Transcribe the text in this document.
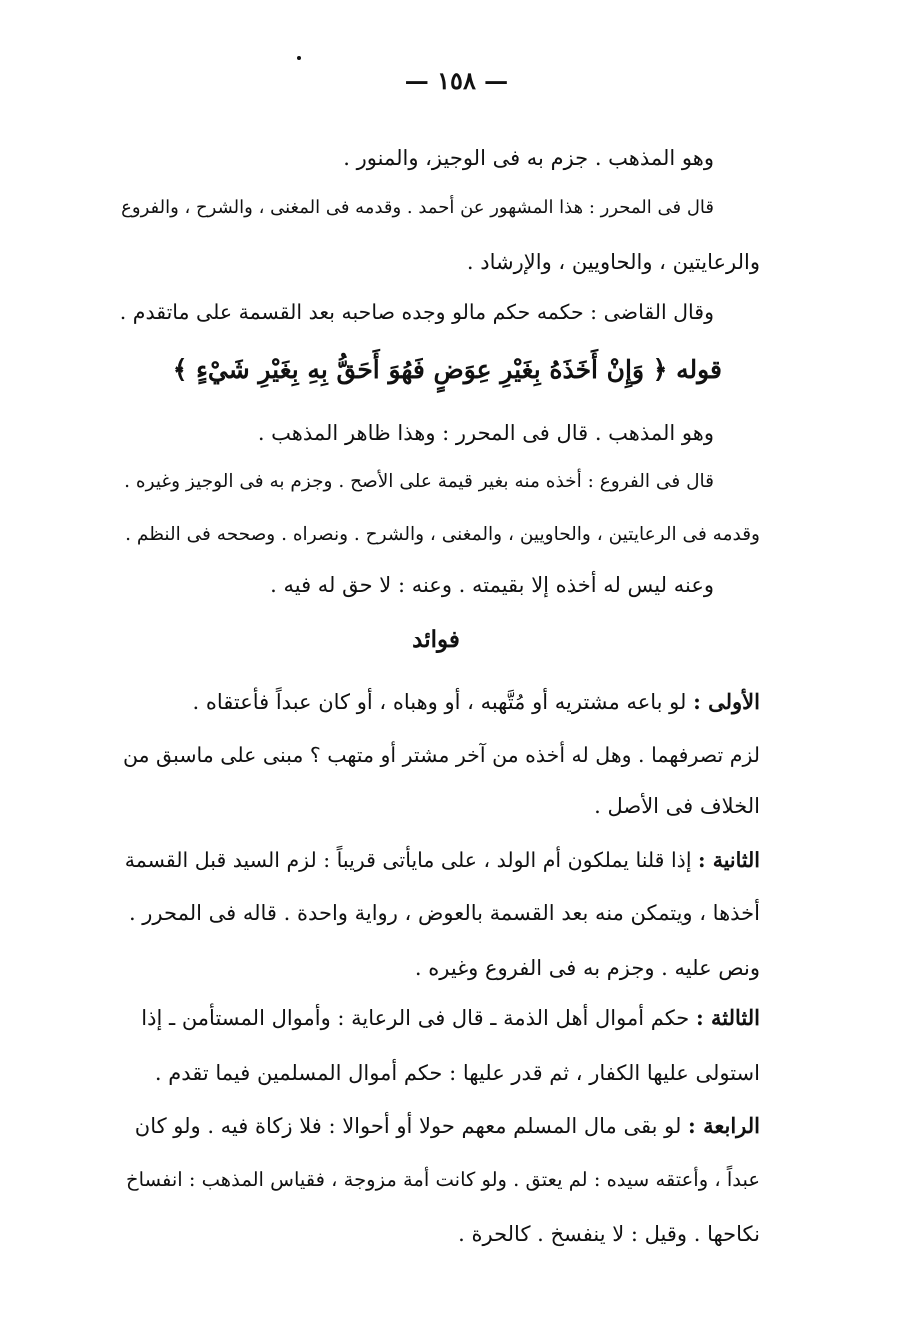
— ١٥٨ —
وهو المذهب . جزم به فى الوجيز، والمنور .
قال فى المحرر : هذا المشهور عن أحمد . وقدمه فى المغنى ، والشرح ، والفروع
والرعايتين ، والحاويين ، والإرشاد .
وقال القاضى : حكمه حكم مالو وجده صاحبه بعد القسمة على ماتقدم .
قوله ﴿ وَإِنْ أَخَذَهُ بِغَيْرِ عِوَضٍ فَهُوَ أَحَقُّ بِهِ بِغَيْرِ شَيْءٍ ﴾
وهو المذهب . قال فى المحرر : وهذا ظاهر المذهب .
قال فى الفروع : أخذه منه بغير قيمة على الأصح . وجزم به فى الوجيز وغيره .
وقدمه فى الرعايتين ، والحاويين ، والمغنى ، والشرح . ونصراه . وصححه فى النظم .
وعنه ليس له أخذه إلا بقيمته . وعنه : لا حق له فيه .
فوائد
الأولى : لو باعه مشتريه أو مُتَّهبه ، أو وهباه ، أو كان عبداً فأعتقاه .
لزم تصرفهما . وهل له أخذه من آخر مشتر أو متهب ؟ مبنى على ماسبق من
الخلاف فى الأصل .
الثانية : إذا قلنا يملكون أم الولد ، على مايأتى قريباً : لزم السيد قبل القسمة
أخذها ، ويتمكن منه بعد القسمة بالعوض ، رواية واحدة . قاله فى المحرر .
ونص عليه . وجزم به فى الفروع وغيره .
الثالثة : حكم أموال أهل الذمة ـ قال فى الرعاية : وأموال المستأمن ـ إذا
استولى عليها الكفار ، ثم قدر عليها : حكم أموال المسلمين فيما تقدم .
الرابعة : لو بقى مال المسلم معهم حولا أو أحوالا : فلا زكاة فيه . ولو كان
عبداً ، وأعتقه سيده : لم يعتق . ولو كانت أمة مزوجة ، فقياس المذهب : انفساخ
نكاحها . وقيل : لا ينفسخ . كالحرة .
